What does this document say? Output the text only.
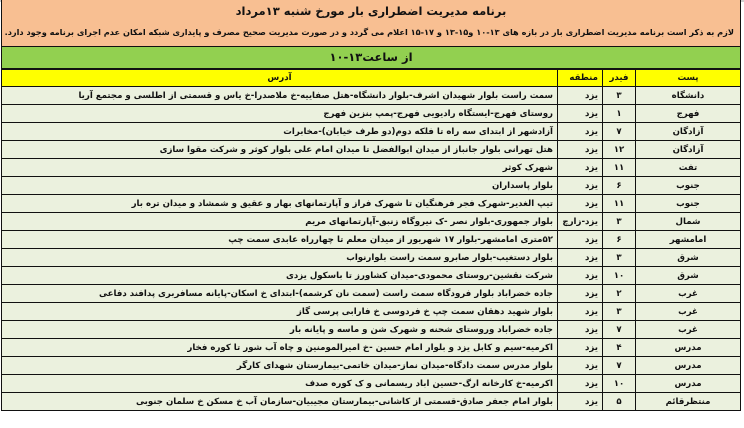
برنامه مدیریت اضطراری بار مورخ شنبه ۱۳مرداد
لازم به ذکر است برنامه مدیریت اضطراری بار در بازه های ۱۳-۱۰ و۱۵-۱۳ و ۱۷-۱۵ اعلام می گردد و در صورت مدیریت صحیح مصرف و پایداری شبکه امکان عدم اجرای برنامه وجود دارد.
از ساعت۱۳-۱۰
پست	فیدر	منطقه	آدرس
دانشگاه	۳	یزد	سمت راست بلوار شهیدان اشرف-بلوار دانشگاه-هتل صفاییه-خ ملاصدرا-خ یاس و قسمتی از اطلسی و مجتمع آریا
فهرج	۱	یزد	روستای فهرج-ایستگاه رادیویی فهرج-پمپ بنزین فهرج
آزادگان	۷	یزد	آزادشهر از ابتدای سه راه تا فلکه دوم(دو طرف خیابان)-مخابرات
آزادگان	۱۲	یزد	هتل تهرانی بلوار جانباز از میدان ابوالفضل تا میدان امام علی بلوار کوثر و شرکت مقوا سازی
تفت	۱۱	یزد	شهرک کوثر
جنوب	۶	یزد	بلوار پاسداران
جنوب	۱۱	یزد	تیپ الغدیر-شهرک فجر فرهنگیان تا شهرک فراز و آپارتمانهای بهار و عقیق و شمشاد و میدان تره بار
شمال	۳	یزد-زارچ	بلوار جمهوری-بلوار نصر -ک نیروگاه زنبق-آپارتمانهای مریم
امامشهر	۶	یزد	۵۲متری امامشهر-بلوار ۱۷ شهریور از میدان معلم تا چهارراه عابدی سمت چپ
شرق	۳	یزد	بلوار دستغیب-بلوار صابرو سمت راست بلوارنواب
شرق	۱۰	یزد	شرکت نقشین-روستای محمودی-میدان کشاورز تا باسکول یزدی
غرب	۲	یزد	جاده خضراباد بلوار فرودگاه سمت راست (سمت نان کرشمه)-ابتدای خ اسکان-پایانه مسافربری پدافند دفاعی
غرب	۳	یزد	بلوار شهید دهقان سمت چپ خ فردوسی خ فارابی پرسی گاز
غرب	۷	یزد	جاده خضراباد وروستای شحنه و شهرک شن و ماسه و پایانه بار
مدرس	۴	یزد	اکرمیه-سیم و کابل یزد و بلوار امام حسین -خ امیرالمومنین و چاه آب شور تا کوره فخار
مدرس	۷	یزد	بلوار مدرس سمت دادگاه-میدان نماز-میدان خاتمی-بیمارستان شهدای کارگر
مدرس	۱۰	یزد	اکرمیه-خ کارخانه ارگ-حسین اباد ریسمانی و ک کوره صدف
منتظرقائم	۵	یزد	بلوار امام جعفر صادق-قسمتی از کاشانی-بیمارستان مجیبیان-سازمان آب خ مسکن خ سلمان جنوبی
